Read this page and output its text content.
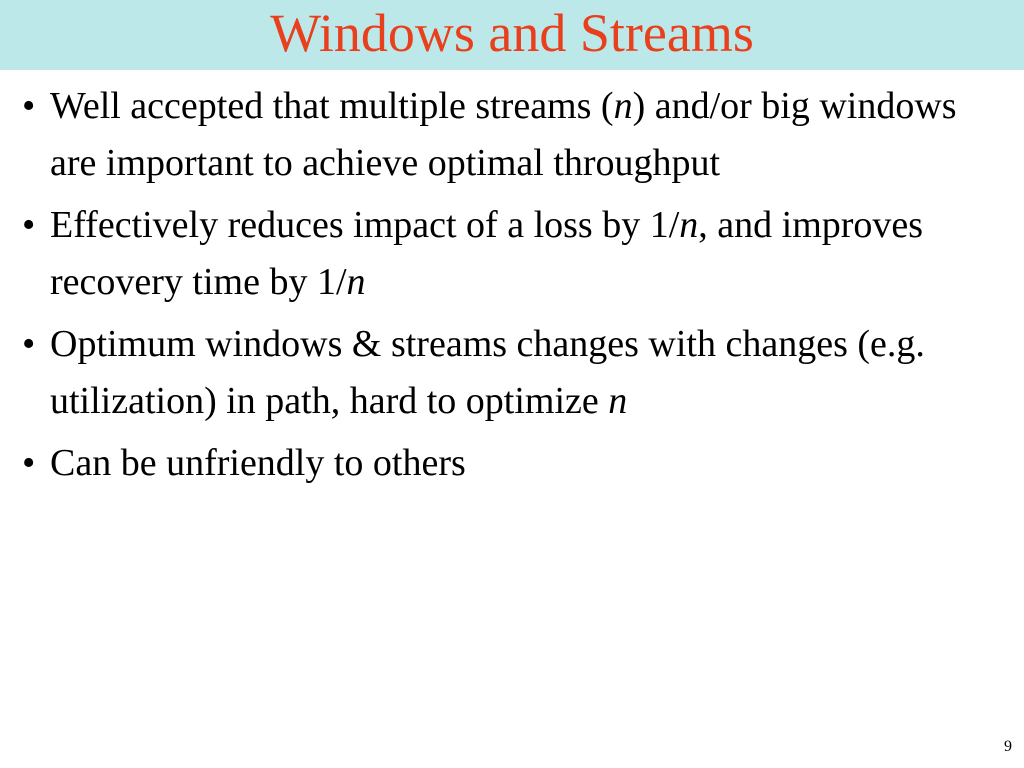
Windows and Streams
• Well accepted that multiple streams (n) and/or big windows are important to achieve optimal throughput
• Effectively reduces impact of a loss by 1/n, and improves recovery time by 1/n
• Optimum windows & streams changes with changes (e.g. utilization) in path, hard to optimize n
• Can be unfriendly to others
9
